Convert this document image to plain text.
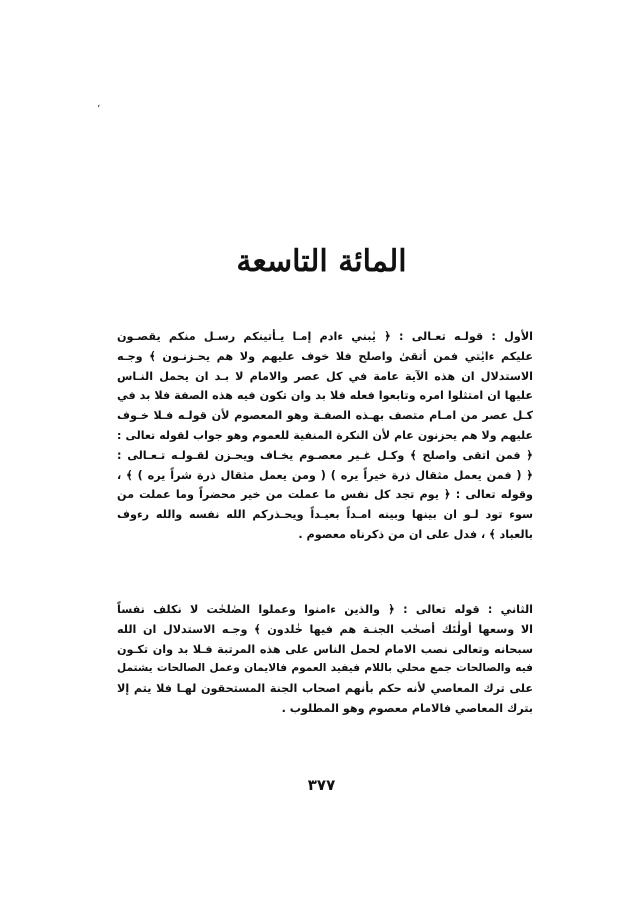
،
المائة التاسعة
الأول : قولـه تعـالى : ﴿ يٰبني ءادم إمـا يـأتينكم رسـل منكم يقصـون
عليكم ءايٰتي فمن أتقىٰ واصلح فلا خوف عليهم ولا هم يحـزنـون ﴾ وجـه
الاستدلال ان هذه الآية عامة في كل عصر والامام لا بـد ان يحمل النـاس
عليها ان امتثلوا امره وتابعوا فعله فلا بد وان تكون فيه هذه الصفة فلا بد في
كـل عصر من امـام متصف بهـذه الصفـة وهو المعصوم لأن قولـه فـلا خـوف
عليهم ولا هم يحزنون عام لأن النكرة المنفية للعموم وهو جواب لقوله تعالى :
﴿ فمن اتقى واصلح ﴾ وكـل غـير معصـوم يخـاف ويحـزن لقـولـه تـعـالى :
﴿ ( فمن يعمل مثقال ذرة خيراً يره ) ( ومن يعمل مثقال ذرة شراً يره ) ﴾ ،
وقوله تعالى : ﴿ يوم تجد كل نفس ما عملت من خير محضراً وما عملت من
سوء تود لـو ان بينها وبينه امـداً بعيـداً ويحـذركم الله نفسه والله رءوف
بالعباد ﴾ ، فدل على ان من ذكرناه معصوم .
الثاني : قوله تعالى : ﴿ والذين ءامنوا وعملوا الصٰلحٰت لا نكلف نفساً
الا وسعها أولٰئك أصحٰب الجنـة هم فيها خٰلدون ﴾ وجـه الاستدلال ان الله
سبحانه وتعالى نصب الامام لحمل الناس على هذه المرتبة فـلا بد وان تكـون
فيه والصالحات جمع محلي باللام فيفيد العموم فالايمان وعمل الصالحات يشتمل
على ترك المعاصي لأنه حكم بأنهم اصحاب الجنة المستحقون لهـا فلا يتم إلا
بترك المعاصي فالامام معصوم وهو المطلوب .
٣٧٧
